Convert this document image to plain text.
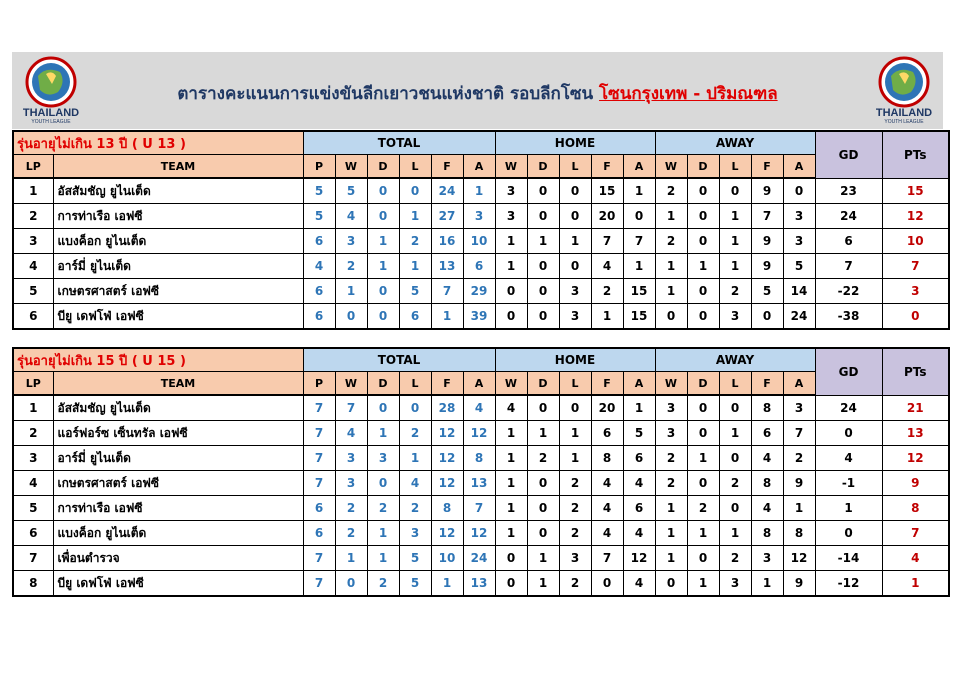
THAILAND
YOUTH LEAGUE
ตารางคะแนนการแข่งขันลีกเยาวชนแห่งชาติ รอบลีกโซน โซนกรุงเทพ - ปริมณฑล
THAILAND
YOUTH LEAGUE
รุ่นอายุไม่เกิน 13 ปี ( U 13 )		TOTAL						HOME					AWAY					GD	PTs
LP	TEAM	P	W	D	L	F	A	W	D	L	F	A	W	D	L	F	A		
1	อัสสัมชัญ ยูไนเต็ด	5	5	0	0	24	1	3	0	0	15	1	2	0	0	9	0	23	15
2	การท่าเรือ เอฟซี	5	4	0	1	27	3	3	0	0	20	0	1	0	1	7	3	24	12
3	แบงค็อก ยูไนเต็ด	6	3	1	2	16	10	1	1	1	7	7	2	0	1	9	3	6	10
4	อาร์มี่ ยูไนเต็ด	4	2	1	1	13	6	1	0	0	4	1	1	1	1	9	5	7	7
5	เกษตรศาสตร์ เอฟซี	6	1	0	5	7	29	0	0	3	2	15	1	0	2	5	14	-22	3
6	บียู เดฟโฟ่ เอฟซี	6	0	0	6	1	39	0	0	3	1	15	0	0	3	0	24	-38	0
รุ่นอายุไม่เกิน 15 ปี ( U 15 )		TOTAL						HOME					AWAY					GD	PTs
LP	TEAM	P	W	D	L	F	A	W	D	L	F	A	W	D	L	F	A		
1	อัสสัมชัญ ยูไนเต็ด	7	7	0	0	28	4	4	0	0	20	1	3	0	0	8	3	24	21
2	แอร์ฟอร์ซ เซ็นทรัล เอฟซี	7	4	1	2	12	12	1	1	1	6	5	3	0	1	6	7	0	13
3	อาร์มี่ ยูไนเต็ด	7	3	3	1	12	8	1	2	1	8	6	2	1	0	4	2	4	12
4	เกษตรศาสตร์ เอฟซี	7	3	0	4	12	13	1	0	2	4	4	2	0	2	8	9	-1	9
5	การท่าเรือ เอฟซี	6	2	2	2	8	7	1	0	2	4	6	1	2	0	4	1	1	8
6	แบงค็อก ยูไนเต็ด	6	2	1	3	12	12	1	0	2	4	4	1	1	1	8	8	0	7
7	เพื่อนตำรวจ	7	1	1	5	10	24	0	1	3	7	12	1	0	2	3	12	-14	4
8	บียู เดฟโฟ่ เอฟซี	7	0	2	5	1	13	0	1	2	0	4	0	1	3	1	9	-12	1
